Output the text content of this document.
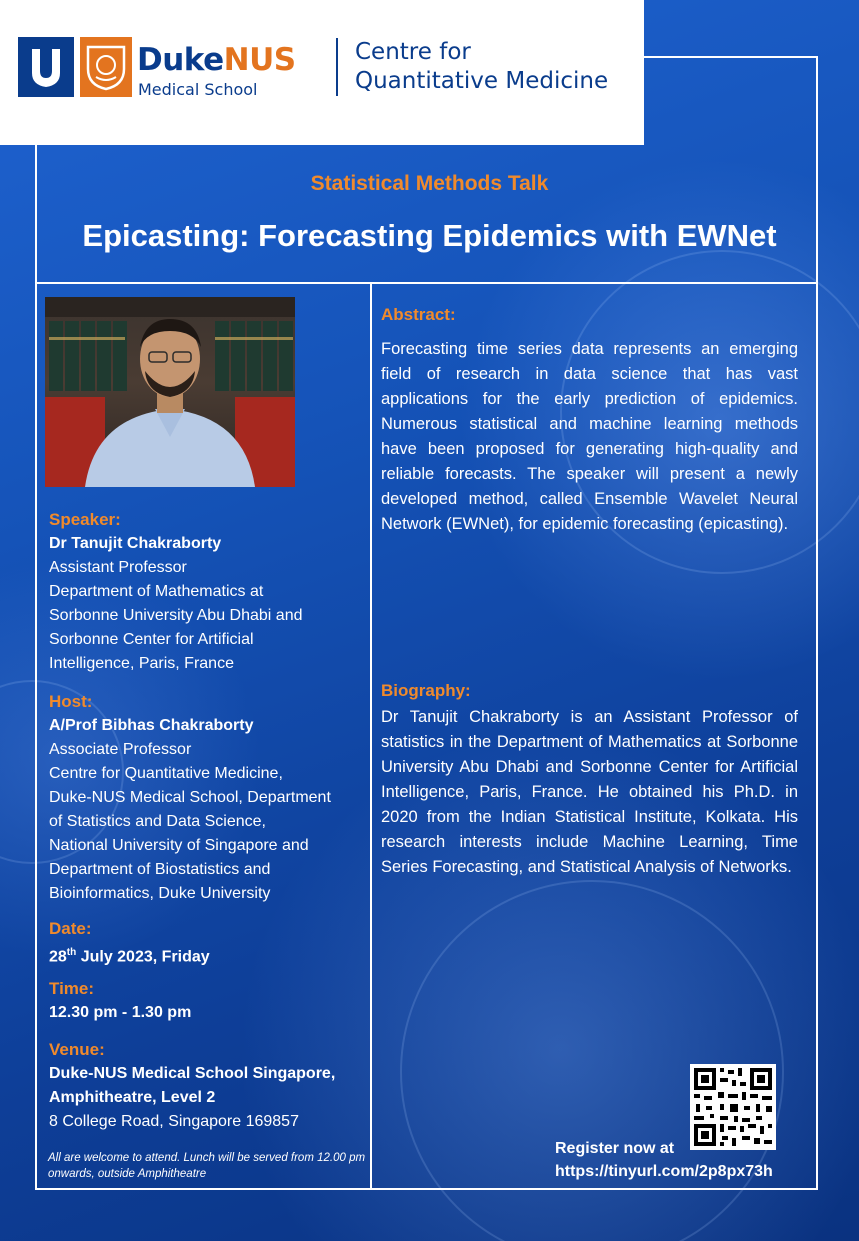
DukeNUS
Medical School
Centre for
Quantitative Medicine
Statistical Methods Talk
Epicasting: Forecasting Epidemics with EWNet
Speaker:
Dr Tanujit Chakraborty
Assistant Professor
Department of Mathematics at
Sorbonne University Abu Dhabi and
Sorbonne Center for Artificial
Intelligence, Paris, France
Host:
A/Prof Bibhas Chakraborty
Associate Professor
Centre for Quantitative Medicine,
Duke-NUS Medical School, Department
of Statistics and Data Science,
National University of Singapore and
Department of Biostatistics and
Bioinformatics, Duke University
Date:
28th July 2023, Friday
Time:
12.30 pm - 1.30 pm
Venue:
Duke-NUS Medical School Singapore,
Amphitheatre, Level 2
8 College Road, Singapore 169857
All are welcome to attend. Lunch will be served from 12.00 pm onwards, outside Amphitheatre
Abstract:
Forecasting time series data represents an emerging field of research in data science that has vast applications for the early prediction of epidemics. Numerous statistical and machine learning methods have been proposed for generating high-quality and reliable forecasts. The speaker will present a newly developed method, called Ensemble Wavelet Neural Network (EWNet), for epidemic forecasting (epicasting).
Biography:
Dr Tanujit Chakraborty is an Assistant Professor of statistics in the Department of Mathematics at Sorbonne University Abu Dhabi and Sorbonne Center for Artificial Intelligence, Paris, France. He obtained his Ph.D. in 2020 from the Indian Statistical Institute, Kolkata. His research interests include Machine Learning, Time Series Forecasting, and Statistical Analysis of Networks.
Register now at
https://tinyurl.com/2p8px73h
